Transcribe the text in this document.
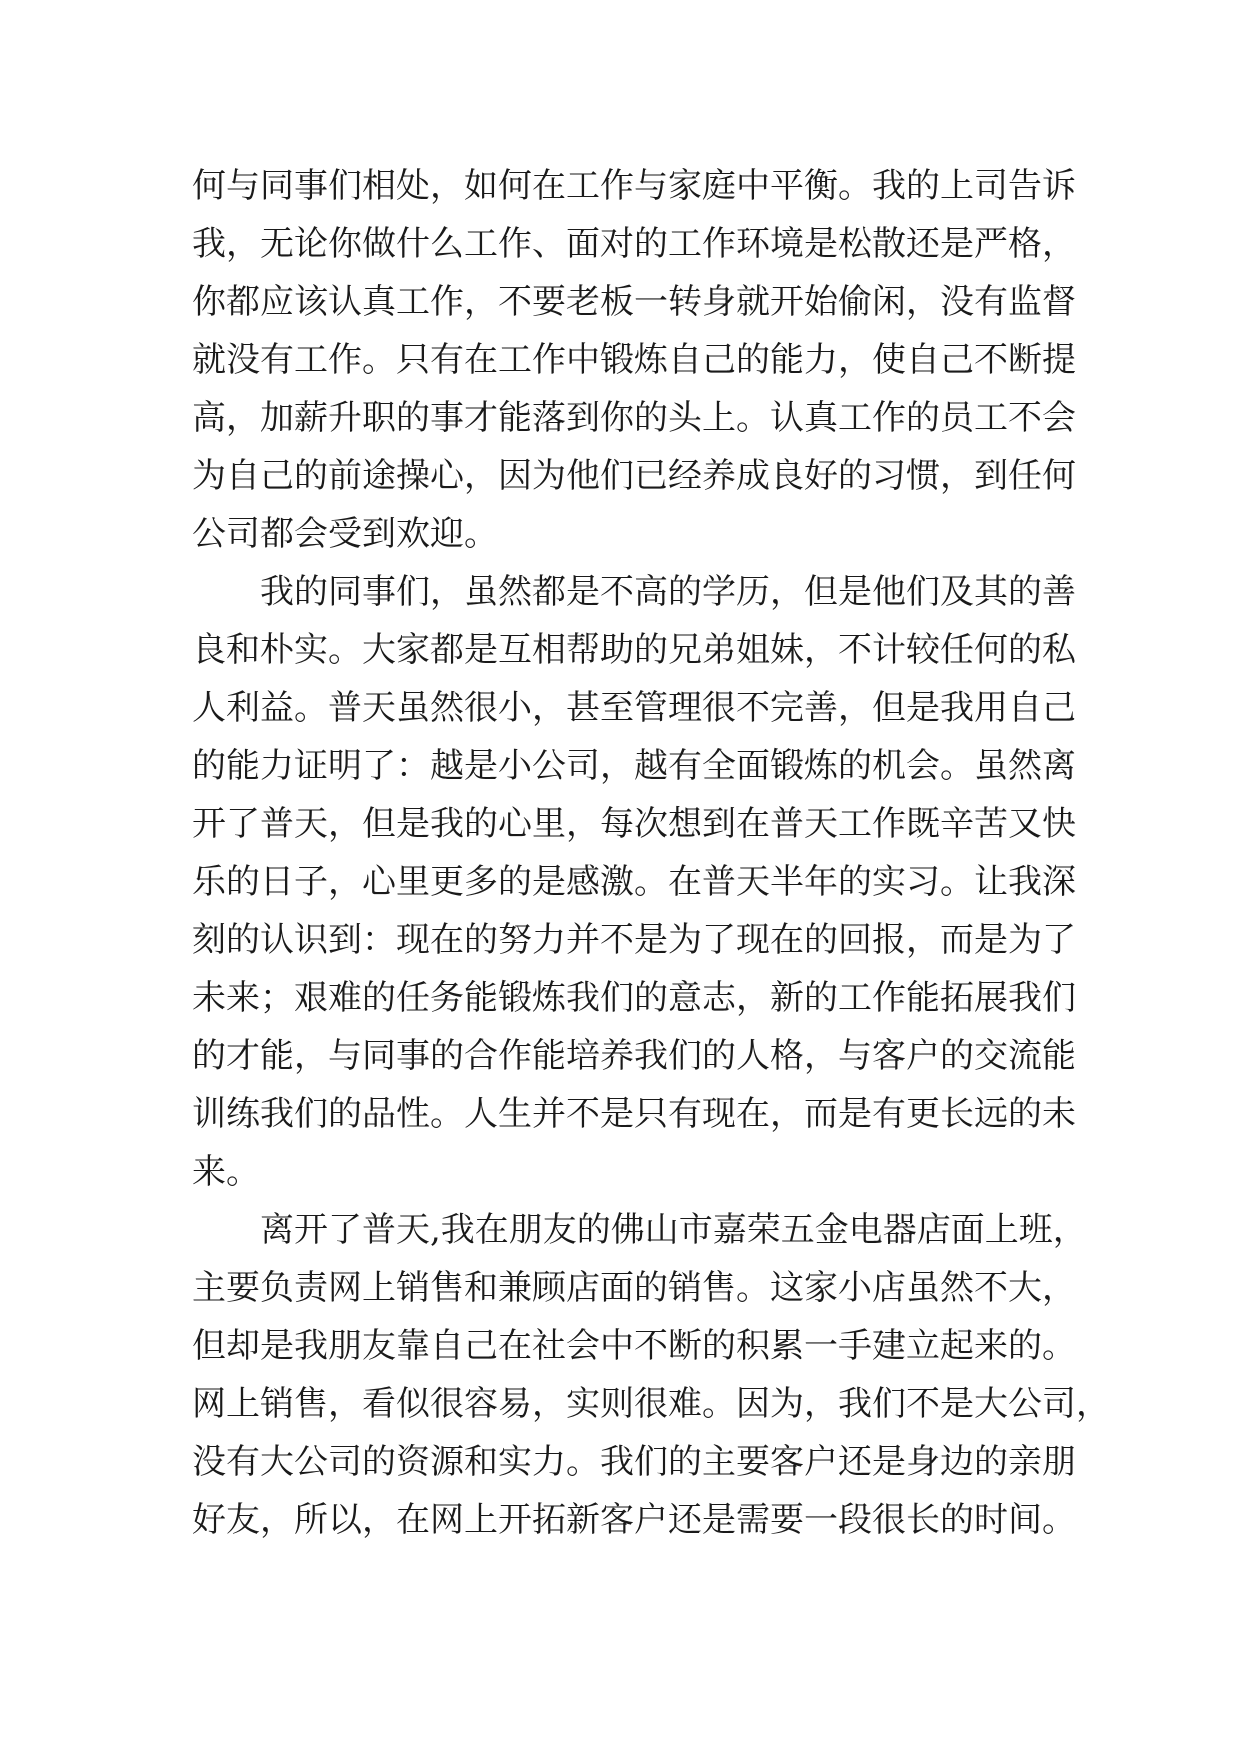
何与同事们相处，如何在工作与家庭中平衡。我的上司告诉
我，无论你做什么工作、面对的工作环境是松散还是严格，
你都应该认真工作，不要老板一转身就开始偷闲，没有监督
就没有工作。只有在工作中锻炼自己的能力，使自己不断提
高，加薪升职的事才能落到你的头上。认真工作的员工不会
为自己的前途操心，因为他们已经养成良好的习惯，到任何
公司都会受到欢迎。
我的同事们，虽然都是不高的学历，但是他们及其的善
良和朴实。大家都是互相帮助的兄弟姐妹，不计较任何的私
人利益。普天虽然很小，甚至管理很不完善，但是我用自己
的能力证明了：越是小公司，越有全面锻炼的机会。虽然离
开了普天，但是我的心里，每次想到在普天工作既辛苦又快
乐的日子，心里更多的是感激。在普天半年的实习。让我深
刻的认识到：现在的努力并不是为了现在的回报，而是为了
未来；艰难的任务能锻炼我们的意志，新的工作能拓展我们
的才能，与同事的合作能培养我们的人格，与客户的交流能
训练我们的品性。人生并不是只有现在，而是有更长远的未
来。
离开了普天,我在朋友的佛山市嘉荣五金电器店面上班，
主要负责网上销售和兼顾店面的销售。这家小店虽然不大，
但却是我朋友靠自己在社会中不断的积累一手建立起来的。
网上销售，看似很容易，实则很难。因为，我们不是大公司，
没有大公司的资源和实力。我们的主要客户还是身边的亲朋
好友，所以，在网上开拓新客户还是需要一段很长的时间。
